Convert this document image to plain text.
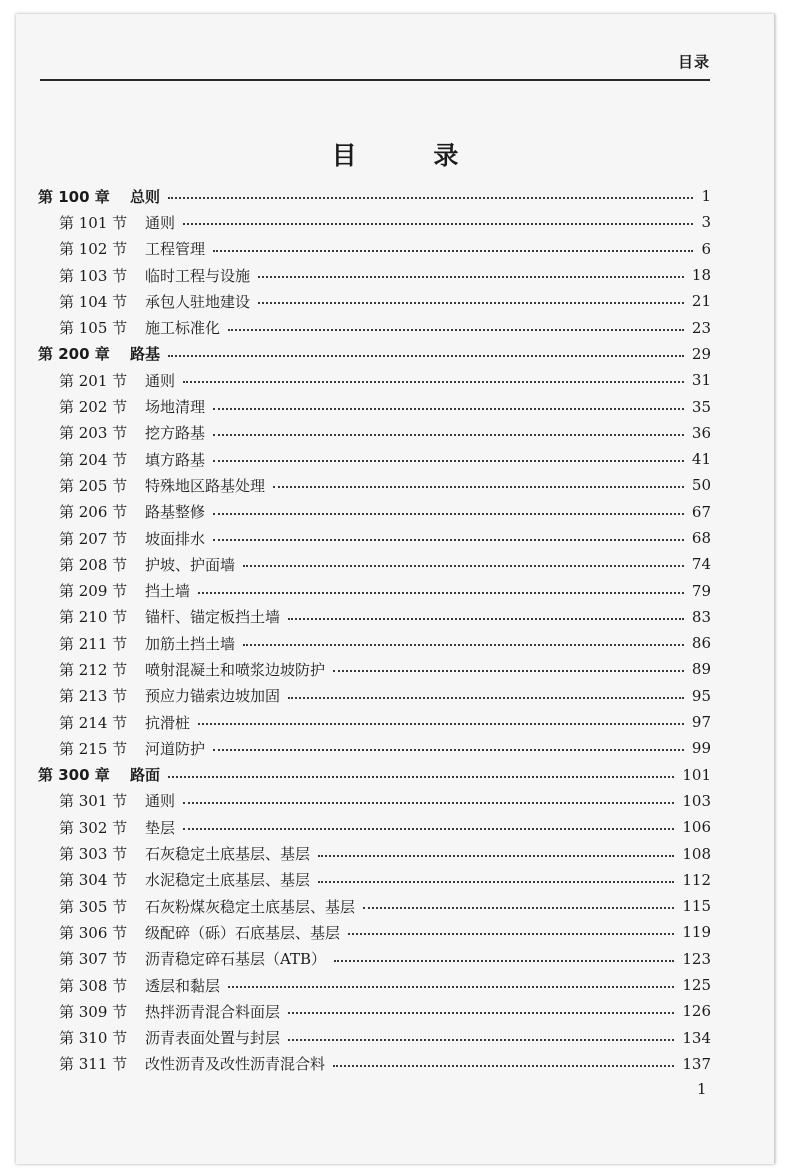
目录
目 录
第 100 章	总则	1
第 101 节	通则	3
第 102 节	工程管理	6
第 103 节	临时工程与设施	18
第 104 节	承包人驻地建设	21
第 105 节	施工标准化	23
第 200 章	路基	29
第 201 节	通则	31
第 202 节	场地清理	35
第 203 节	挖方路基	36
第 204 节	填方路基	41
第 205 节	特殊地区路基处理	50
第 206 节	路基整修	67
第 207 节	坡面排水	68
第 208 节	护坡、护面墙	74
第 209 节	挡土墙	79
第 210 节	锚杆、锚定板挡土墙	83
第 211 节	加筋土挡土墙	86
第 212 节	喷射混凝土和喷浆边坡防护	89
第 213 节	预应力锚索边坡加固	95
第 214 节	抗滑桩	97
第 215 节	河道防护	99
第 300 章	路面	101
第 301 节	通则	103
第 302 节	垫层	106
第 303 节	石灰稳定土底基层、基层	108
第 304 节	水泥稳定土底基层、基层	112
第 305 节	石灰粉煤灰稳定土底基层、基层	115
第 306 节	级配碎（砾）石底基层、基层	119
第 307 节	沥青稳定碎石基层（ATB）	123
第 308 节	透层和黏层	125
第 309 节	热拌沥青混合料面层	126
第 310 节	沥青表面处置与封层	134
第 311 节	改性沥青及改性沥青混合料	137
1
